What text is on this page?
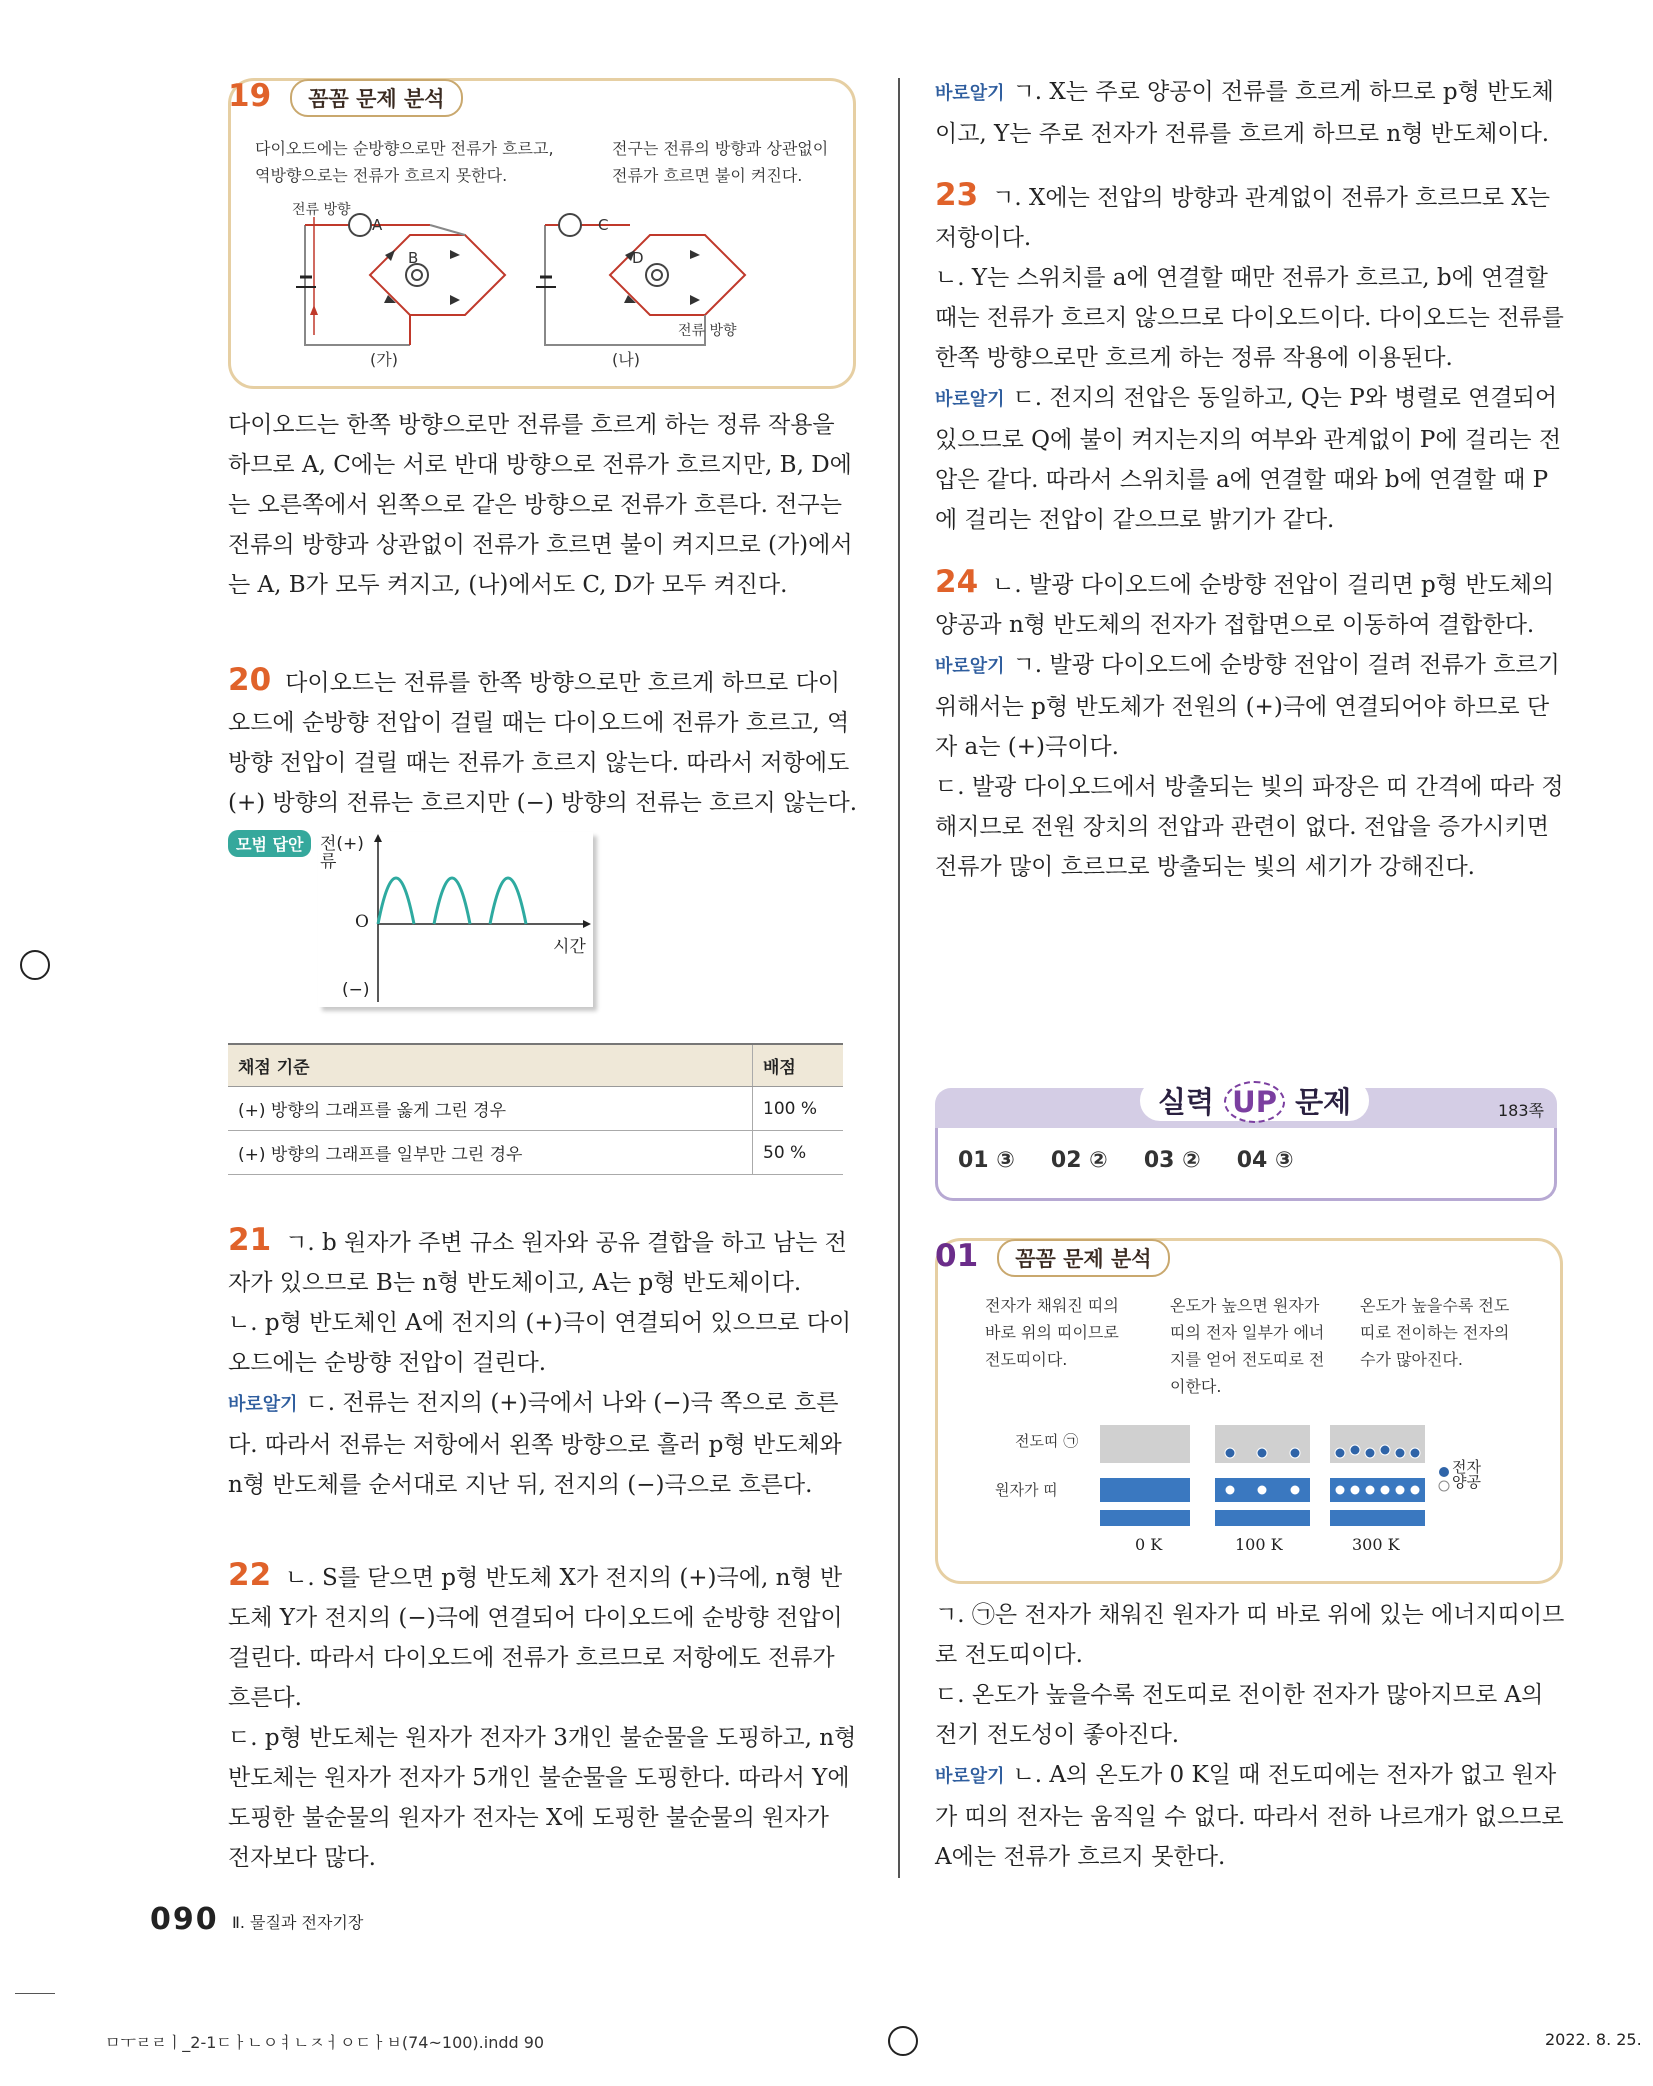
19 꼼꼼 문제 분석
다이오드에는 순방향으로만 전류가 흐르고,
역방향으로는 전류가 흐르지 못한다.
전구는 전류의 방향과 상관없이
전류가 흐르면 불이 켜진다.
전류 방향
A
B
C
D
전류 방향
(가)	(나)

다이오드는 한쪽 방향으로만 전류를 흐르게 하는 정류 작용을 하므로 A, C에는 서로 반대 방향으로 전류가 흐르지만, B, D에는 오른쪽에서 왼쪽으로 같은 방향으로 전류가 흐른다. 전구는 전류의 방향과 상관없이 전류가 흐르면 불이 켜지므로 (가)에서는 A, B가 모두 켜지고, (나)에서도 C, D가 모두 켜진다.

20 다이오드는 전류를 한쪽 방향으로만 흐르게 하므로 다이오드에 순방향 전압이 걸릴 때는 다이오드에 전류가 흐르고, 역방향 전압이 걸릴 때는 전류가 흐르지 않는다. 따라서 저항에도 (+) 방향의 전류는 흐르지만 (−) 방향의 전류는 흐르지 않는다.

모범 답안 전(+)
류
O
시간
(−)
채점 기준	배점
(+) 방향의 그래프를 옳게 그린 경우	100 %
(+) 방향의 그래프를 일부만 그린 경우	50 %

21 ㄱ. b 원자가 주변 규소 원자와 공유 결합을 하고 남는 전자가 있으므로 B는 n형 반도체이고, A는 p형 반도체이다.

ㄴ. p형 반도체인 A에 전지의 (+)극이 연결되어 있으므로 다이오드에는 순방향 전압이 걸린다.

바로알기 ㄷ. 전류는 전지의 (+)극에서 나와 (−)극 쪽으로 흐른다. 따라서 전류는 저항에서 왼쪽 방향으로 흘러 p형 반도체와 n형 반도체를 순서대로 지난 뒤, 전지의 (−)극으로 흐른다.

22 ㄴ. S를 닫으면 p형 반도체 X가 전지의 (+)극에, n형 반도체 Y가 전지의 (−)극에 연결되어 다이오드에 순방향 전압이 걸린다. 따라서 다이오드에 전류가 흐르므로 저항에도 전류가 흐른다.

ㄷ. p형 반도체는 원자가 전자가 3개인 불순물을 도핑하고, n형 반도체는 원자가 전자가 5개인 불순물을 도핑한다. 따라서 Y에 도핑한 불순물의 원자가 전자는 X에 도핑한 불순물의 원자가 전자보다 많다.

090 Ⅱ. 물질과 전자기장

바로알기 ㄱ. X는 주로 양공이 전류를 흐르게 하므로 p형 반도체이고, Y는 주로 전자가 전류를 흐르게 하므로 n형 반도체이다.

23 ㄱ. X에는 전압의 방향과 관계없이 전류가 흐르므로 X는 저항이다.

ㄴ. Y는 스위치를 a에 연결할 때만 전류가 흐르고, b에 연결할 때는 전류가 흐르지 않으므로 다이오드이다. 다이오드는 전류를 한쪽 방향으로만 흐르게 하는 정류 작용에 이용된다.

바로알기 ㄷ. 전지의 전압은 동일하고, Q는 P와 병렬로 연결되어 있으므로 Q에 불이 켜지는지의 여부와 관계없이 P에 걸리는 전압은 같다. 따라서 스위치를 a에 연결할 때와 b에 연결할 때 P에 걸리는 전압이 같으므로 밝기가 같다.

24 ㄴ. 발광 다이오드에 순방향 전압이 걸리면 p형 반도체의 양공과 n형 반도체의 전자가 접합면으로 이동하여 결합한다.

바로알기 ㄱ. 발광 다이오드에 순방향 전압이 걸려 전류가 흐르기 위해서는 p형 반도체가 전원의 (+)극에 연결되어야 하므로 단자 a는 (+)극이다.

ㄷ. 발광 다이오드에서 방출되는 빛의 파장은 띠 간격에 따라 정해지므로 전원 장치의 전압과 관련이 없다. 전압을 증가시키면 전류가 많이 흐르므로 방출되는 빛의 세기가 강해진다.

실력 UP 문제	183쪽
01 ③ 02 ② 03 ② 04 ③
01 꼼꼼 문제 분석
전자가 채워진 띠의
바로 위의 띠이므로
전도띠이다.
온도가 높으면 원자가
띠의 전자 일부가 에너
지를 얻어 전도띠로 전
이한다.
온도가 높을수록 전도
띠로 전이하는 전자의
수가 많아진다.
전도띠 ㉠
원자가 띠
전자
양공
0 K	100 K	300 K

ㄱ. ㉠은 전자가 채워진 원자가 띠 바로 위에 있는 에너지띠이므로 전도띠이다.

ㄷ. 온도가 높을수록 전도띠로 전이한 전자가 많아지므로 A의 전기 전도성이 좋아진다.

바로알기 ㄴ. A의 온도가 0 K일 때 전도띠에는 전자가 없고 원자가 띠의 전자는 움직일 수 없다. 따라서 전하 나르개가 없으므로 A에는 전류가 흐르지 못한다.

ㅁㅜㄹㄹㅣ_2-1ㄷㅏㄴㅇㅕㄴㅈㅓㅇㄷㅏㅂ(74~100).indd 90	2022. 8. 25.
